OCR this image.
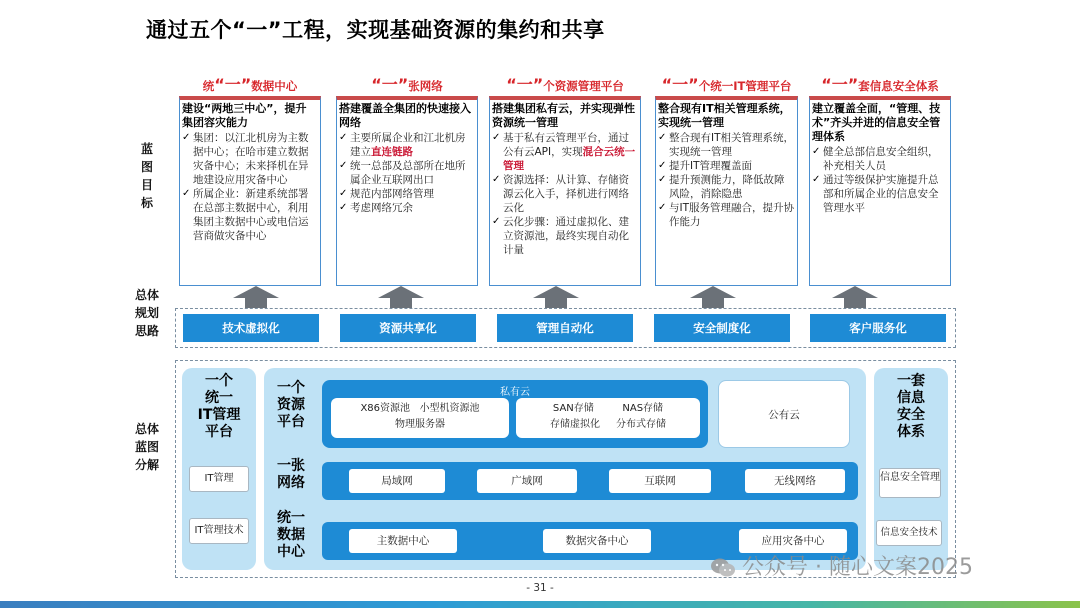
通过五个“一”工程，实现基础资源的集约和共享
蓝
图
目
标
总体
规划
思路
总体
蓝图
分解
统“一”数据中心
建设“两地三中心”，提升集团容灾能力
✓ 集团：以江北机房为主数据中心；在哈市建立数据灾备中心；未来择机在异地建设应用灾备中心
✓ 所属企业：新建系统部署在总部主数据中心，利用集团主数据中心或电信运营商做灾备中心
“一”张网络
搭建覆盖全集团的快速接入网络
✓ 主要所属企业和江北机房建立直连链路
✓ 统一总部及总部所在地所属企业互联网出口
✓ 规范内部网络管理
✓ 考虑网络冗余
“一”个资源管理平台
搭建集团私有云，并实现弹性资源统一管理
✓ 基于私有云管理平台，通过公有云API，实现混合云统一管理
✓ 资源选择：从计算、存储资源云化入手，择机进行网络云化
✓ 云化步骤：通过虚拟化、建立资源池，最终实现自动化计量
“一”个统一IT管理平台
整合现有IT相关管理系统，实现统一管理
✓ 整合现有IT相关管理系统，实现统一管理
✓ 提升IT管理覆盖面
✓ 提升预测能力，降低故障风险，消除隐患
✓ 与IT服务管理融合，提升协作能力
“一”套信息安全体系
建立覆盖全面，“管理、技术”齐头并进的信息安全管理体系
✓ 健全总部信息安全组织，补充相关人员
✓ 通过等级保护实施提升总部和所属企业的信息安全管理水平
技术虚拟化	资源共享化	管理自动化	安全制度化	客户服务化
一个
统一
IT管理
平台
IT管理
IT管理技术
一个
资源
平台
私有云
X86资源池 小型机资源池
物理服务器
SAN存储	NAS存储
存储虚拟化 分布式存储
公有云
一张
网络	局域网	广域网	互联网	无线网络
统一
数据
中心
主数据中心	数据灾备中心	应用灾备中心
一套
信息
安全
体系
信息安全管理
信息安全技术
- 31 -
公众号 · 随心文案2025
